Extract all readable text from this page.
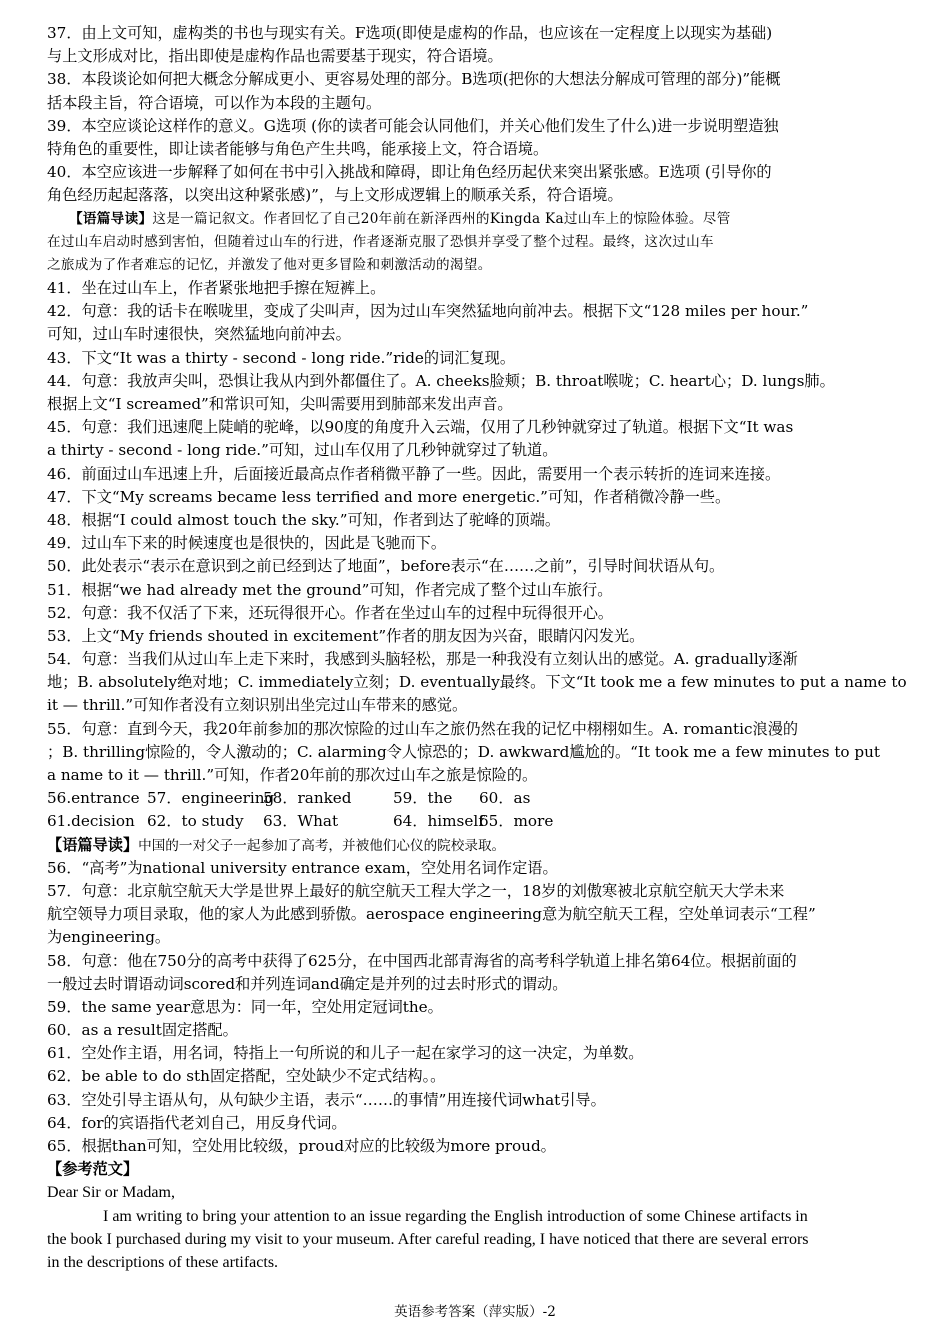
37．由上文可知，虚构类的书也与现实有关。F选项(即使是虚构的作品，也应该在一定程度上以现实为基础)
与上文形成对比，指出即使是虚构作品也需要基于现实，符合语境。
38．本段谈论如何把大概念分解成更小、更容易处理的部分。B选项(把你的大想法分解成可管理的部分)”能概
括本段主旨，符合语境，可以作为本段的主题句。
39．本空应谈论这样作的意义。G选项 (你的读者可能会认同他们，并关心他们发生了什么)进一步说明塑造独
特角色的重要性，即让读者能够与角色产生共鸣，能承接上文，符合语境。
40．本空应该进一步解释了如何在书中引入挑战和障碍，即让角色经历起伏来突出紧张感。E选项 (引导你的
角色经历起起落落，以突出这种紧张感)”，与上文形成逻辑上的顺承关系，符合语境。
【语篇导读】这是一篇记叙文。作者回忆了自己20年前在新泽西州的Kingda Ka过山车上的惊险体验。尽管
在过山车启动时感到害怕，但随着过山车的行进，作者逐渐克服了恐惧并享受了整个过程。最终，这次过山车
之旅成为了作者难忘的记忆，并激发了他对更多冒险和刺激活动的渴望。
41．坐在过山车上，作者紧张地把手擦在短裤上。
42．句意：我的话卡在喉咙里，变成了尖叫声，因为过山车突然猛地向前冲去。根据下文“128 miles per hour.”
可知，过山车时速很快，突然猛地向前冲去。
43．下文“It was a thirty - second - long ride.”ride的词汇复现。
44．句意：我放声尖叫，恐惧让我从内到外都僵住了。A. cheeks脸颊；B. throat喉咙；C. heart心；D. lungs肺。
根据上文“I screamed”和常识可知，尖叫需要用到肺部来发出声音。
45．句意：我们迅速爬上陡峭的驼峰，以90度的角度升入云端，仅用了几秒钟就穿过了轨道。根据下文“It was
a thirty - second - long ride.”可知，过山车仅用了几秒钟就穿过了轨道。
46．前面过山车迅速上升，后面接近最高点作者稍微平静了一些。因此，需要用一个表示转折的连词来连接。
47．下文“My screams became less terrified and more energetic.”可知，作者稍微冷静一些。
48．根据“I could almost touch the sky.”可知，作者到达了驼峰的顶端。
49．过山车下来的时候速度也是很快的，因此是飞驰而下。
50．此处表示“表示在意识到之前已经到达了地面”，before表示“在……之前”，引导时间状语从句。
51．根据“we had already met the ground”可知，作者完成了整个过山车旅行。
52．句意：我不仅活了下来，还玩得很开心。作者在坐过山车的过程中玩得很开心。
53．上文“My friends shouted in excitement”作者的朋友因为兴奋，眼睛闪闪发光。
54．句意：当我们从过山车上走下来时，我感到头脑轻松，那是一种我没有立刻认出的感觉。A. gradually逐渐
地；B. absolutely绝对地；C. immediately立刻；D. eventually最终。下文“It took me a few minutes to put a name to
it — thrill.”可知作者没有立刻识别出坐完过山车带来的感觉。
55．句意：直到今天，我20年前参加的那次惊险的过山车之旅仍然在我的记忆中栩栩如生。A. romantic浪漫的
；B. thrilling惊险的，令人激动的；C. alarming令人惊恐的；D. awkward尴尬的。“It took me a few minutes to put
a name to it — thrill.”可知，作者20年前的那次过山车之旅是惊险的。
56.entrance 57．engineering58．ranked	59．the 60．as
61.decision 62．to study 63．What	64．himself65．more
【语篇导读】中国的一对父子一起参加了高考，并被他们心仪的院校录取。
56．“高考”为national university entrance exam，空处用名词作定语。
57．句意：北京航空航天大学是世界上最好的航空航天工程大学之一，18岁的刘傲寒被北京航空航天大学未来
航空领导力项目录取，他的家人为此感到骄傲。aerospace engineering意为航空航天工程，空处单词表示“工程”
为engineering。
58．句意：他在750分的高考中获得了625分，在中国西北部青海省的高考科学轨道上排名第64位。根据前面的
一般过去时谓语动词scored和并列连词and确定是并列的过去时形式的谓动。
59．the same year意思为：同一年，空处用定冠词the。
60．as a result固定搭配。
61．空处作主语，用名词，特指上一句所说的和儿子一起在家学习的这一决定，为单数。
62．be able to do sth固定搭配，空处缺少不定式结构。。
63．空处引导主语从句，从句缺少主语，表示“……的事情”用连接代词what引导。
64．for的宾语指代老刘自己，用反身代词。
65．根据than可知，空处用比较级，proud对应的比较级为more proud。
【参考范文】
Dear Sir or Madam,
I am writing to bring your attention to an issue regarding the English introduction of some Chinese artifacts in
the book I purchased during my visit to your museum. After careful reading, I have noticed that there are several errors
in the descriptions of these artifacts.
英语参考答案（萍实版）-2
